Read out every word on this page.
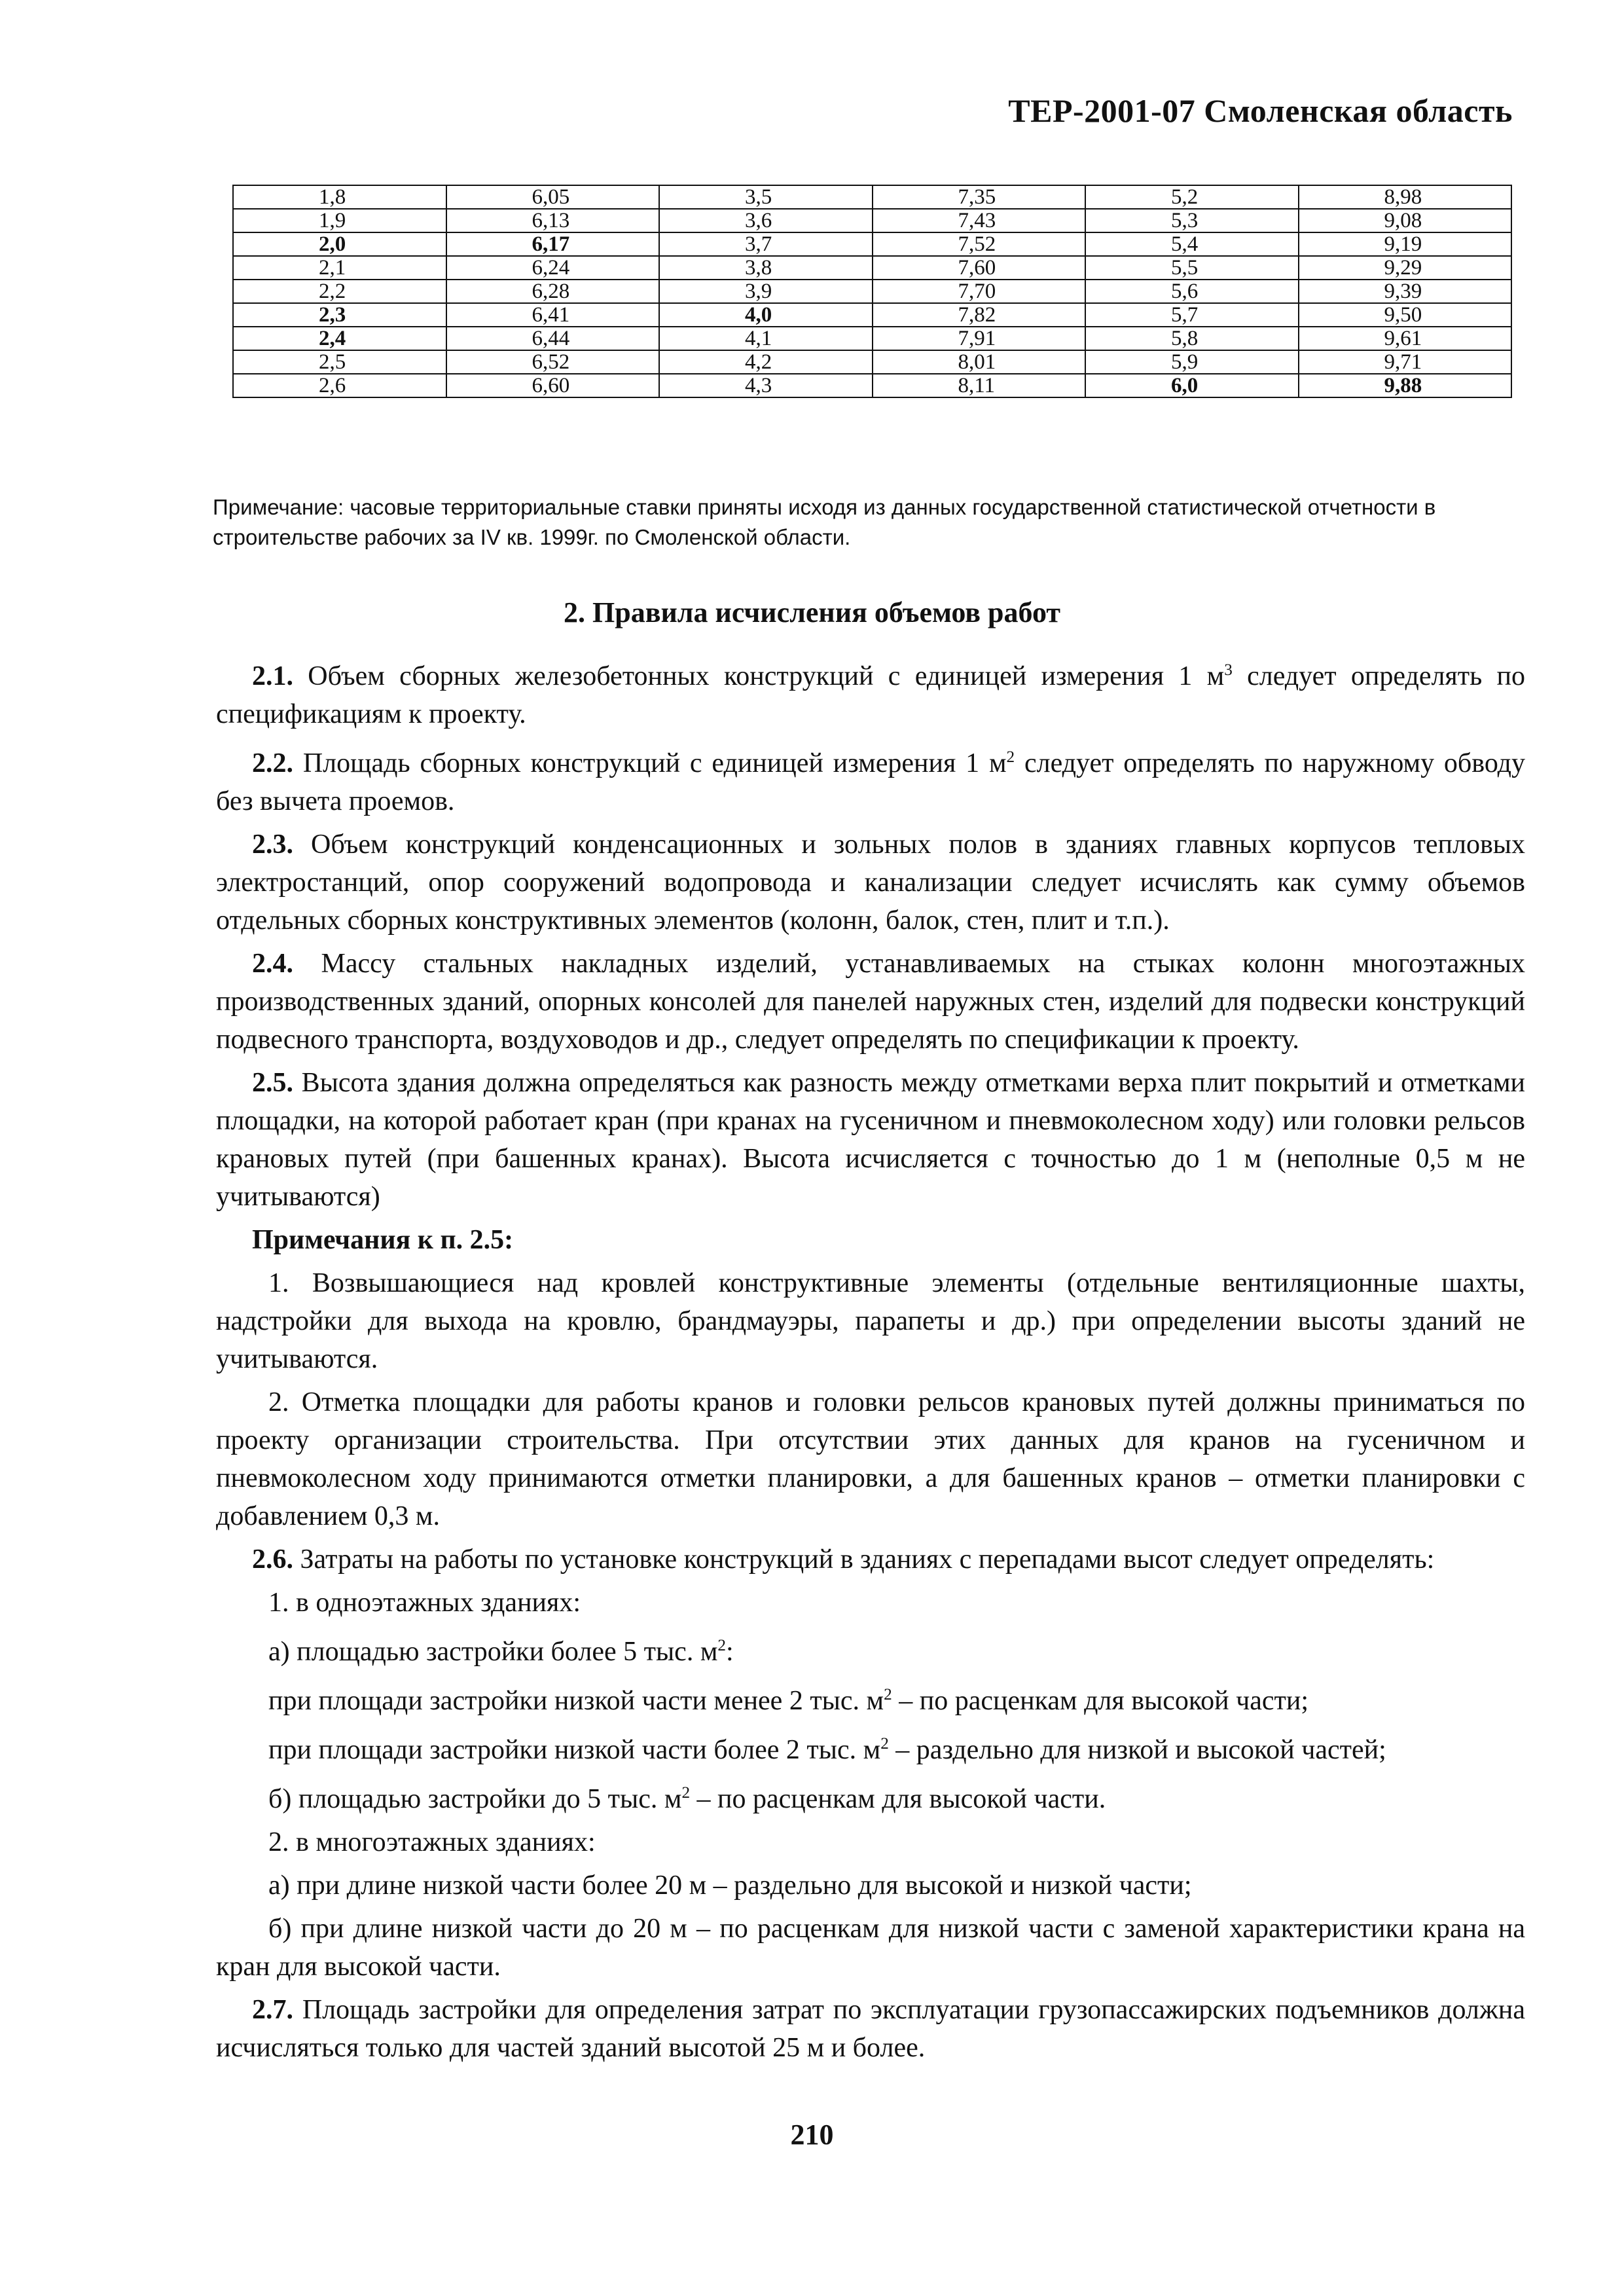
ТЕР-2001-07 Смоленская область
1,8	6,05	3,5	7,35	5,2	8,98
1,9	6,13	3,6	7,43	5,3	9,08
2,0	6,17	3,7	7,52	5,4	9,19
2,1	6,24	3,8	7,60	5,5	9,29
2,2	6,28	3,9	7,70	5,6	9,39
2,3	6,41	4,0	7,82	5,7	9,50
2,4	6,44	4,1	7,91	5,8	9,61
2,5	6,52	4,2	8,01	5,9	9,71
2,6	6,60	4,3	8,11	6,0	9,88
Примечание: часовые территориальные ставки приняты исходя из данных государственной статистической отчетности в строительстве рабочих за IV кв. 1999г. по Смоленской области.
2. Правила исчисления объемов работ

2.1. Объем сборных железобетонных конструкций с единицей измерения 1 $м^3$ следует определять по спецификациям к проекту.

2.2. Площадь сборных конструкций с единицей измерения 1 $м^2$ следует определять по наружному обводу без вычета проемов.

2.3. Объем конструкций конденсационных и зольных полов в зданиях главных корпусов тепловых электростанций, опор сооружений водопровода и канализации следует исчислять как сумму объемов отдельных сборных конструктивных элементов (колонн, балок, стен, плит и т.п.).

2.4. Массу стальных накладных изделий, устанавливаемых на стыках колонн многоэтажных производственных зданий, опорных консолей для панелей наружных стен, изделий для подвески конструкций подвесного транспорта, воздуховодов и др., следует определять по спецификации к проекту.

2.5. Высота здания должна определяться как разность между отметками верха плит покрытий и отметками площадки, на которой работает кран (при кранах на гусеничном и пневмоколесном ходу) или головки рельсов крановых путей (при башенных кранах). Высота исчисляется с точностью до 1 м (неполные 0,5 м не учитываются)

Примечания к п. 2.5:

1. Возвышающиеся над кровлей конструктивные элементы (отдельные вентиляционные шахты, надстройки для выхода на кровлю, брандмауэры, парапеты и др.) при определении высоты зданий не учитываются.

2. Отметка площадки для работы кранов и головки рельсов крановых путей должны приниматься по проекту организации строительства. При отсутствии этих данных для кранов на гусеничном и пневмоколесном ходу принимаются отметки планировки, а для башенных кранов – отметки планировки с добавлением 0,3 м.

2.6. Затраты на работы по установке конструкций в зданиях с перепадами высот следует определять:

1. в одноэтажных зданиях:

а) площадью застройки более 5 тыс. $м^2$:

при площади застройки низкой части менее 2 тыс. $м^2$ – по расценкам для высокой части;

при площади застройки низкой части более 2 тыс. $м^2$ – раздельно для низкой и высокой частей;

б) площадью застройки до 5 тыс. $м^2$ – по расценкам для высокой части.

2. в многоэтажных зданиях:

а) при длине низкой части более 20 м – раздельно для высокой и низкой части;

б) при длине низкой части до 20 м – по расценкам для низкой части с заменой характеристики крана на кран для высокой части.

2.7. Площадь застройки для определения затрат по эксплуатации грузопассажирских подъемников должна исчисляться только для частей зданий высотой 25 м и более.

210
